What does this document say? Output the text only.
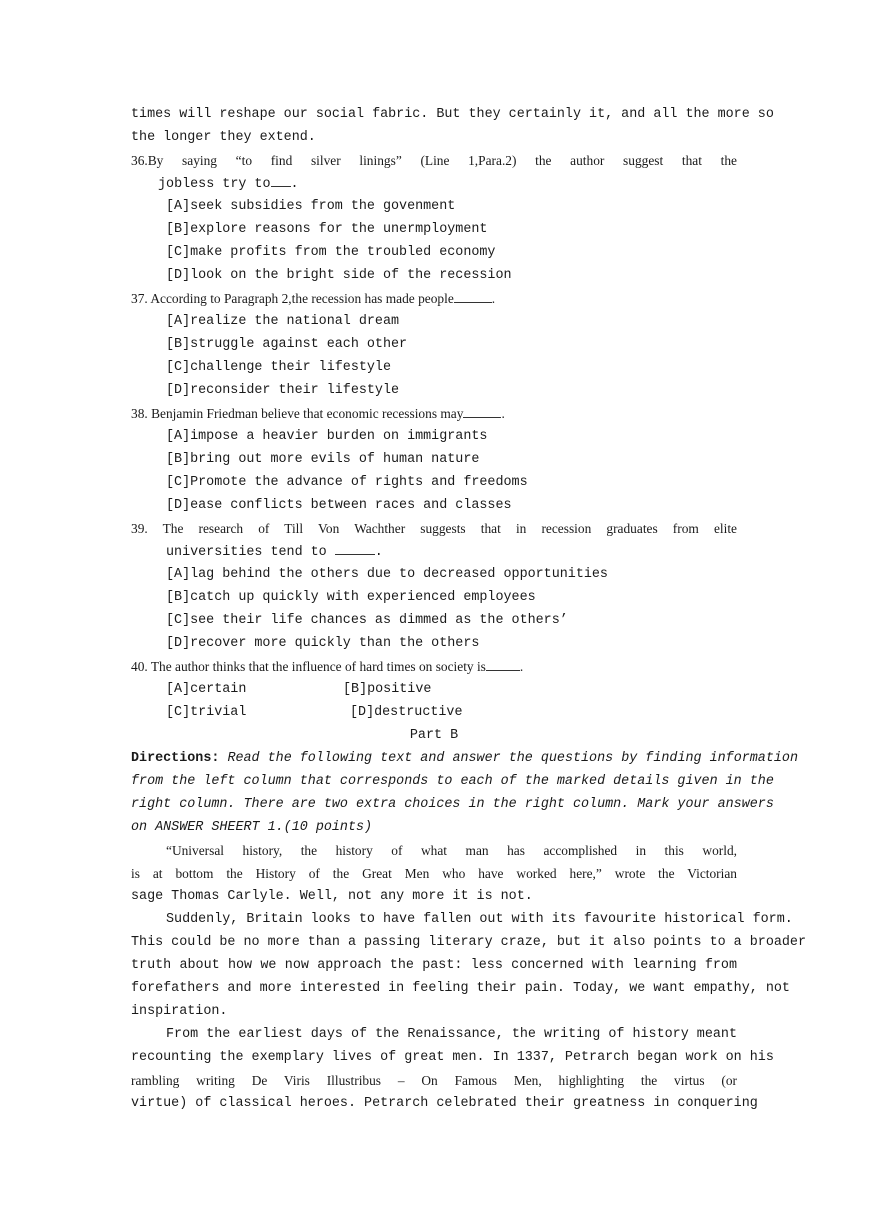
times will reshape our social fabric. But they certainly it, and all the more so
the longer they extend.
36.By saying “to find silver linings” (Line 1,Para.2) the author suggest that the
jobless try to .
[A]seek subsidies from the govenment
[B]explore reasons for the unermployment
[C]make profits from the troubled economy
[D]look on the bright side of the recession
37. According to Paragraph 2,the recession has made people	.
[A]realize the national dream
[B]struggle against each other
[C]challenge their lifestyle
[D]reconsider their lifestyle
38. Benjamin Friedman believe that economic recessions may	.
[A]impose a heavier burden on immigrants
[B]bring out more evils of human nature
[C]Promote the advance of rights and freedoms
[D]ease conflicts between races and classes
39. The research of Till Von Wachther suggests that in recession graduates from elite
universities tend to	.
[A]lag behind the others due to decreased opportunities
[B]catch up quickly with experienced employees
[C]see their life chances as dimmed as the others’
[D]recover more quickly than the others
40. The author thinks that the influence of hard times on society is	.
[A]certain	[B]positive
[C]trivial	[D]destructive
Part B
Directions: Read the following text and answer the questions by finding information
from the left column that corresponds to each of the marked details given in the
right column. There are two extra choices in the right column. Mark your answers
on ANSWER SHEERT 1.(10 points)
“Universal history, the history of what man has accomplished in this world,
is at bottom the History of the Great Men who have worked here,” wrote the Victorian
sage Thomas Carlyle. Well, not any more it is not.
Suddenly, Britain looks to have fallen out with its favourite historical form.
This could be no more than a passing literary craze, but it also points to a broader
truth about how we now approach the past: less concerned with learning from
forefathers and more interested in feeling their pain. Today, we want empathy, not
inspiration.
From the earliest days of the Renaissance, the writing of history meant
recounting the exemplary lives of great men. In 1337, Petrarch began work on his
rambling writing De Viris Illustribus – On Famous Men, highlighting the virtus (or
virtue) of classical heroes. Petrarch celebrated their greatness in conquering
